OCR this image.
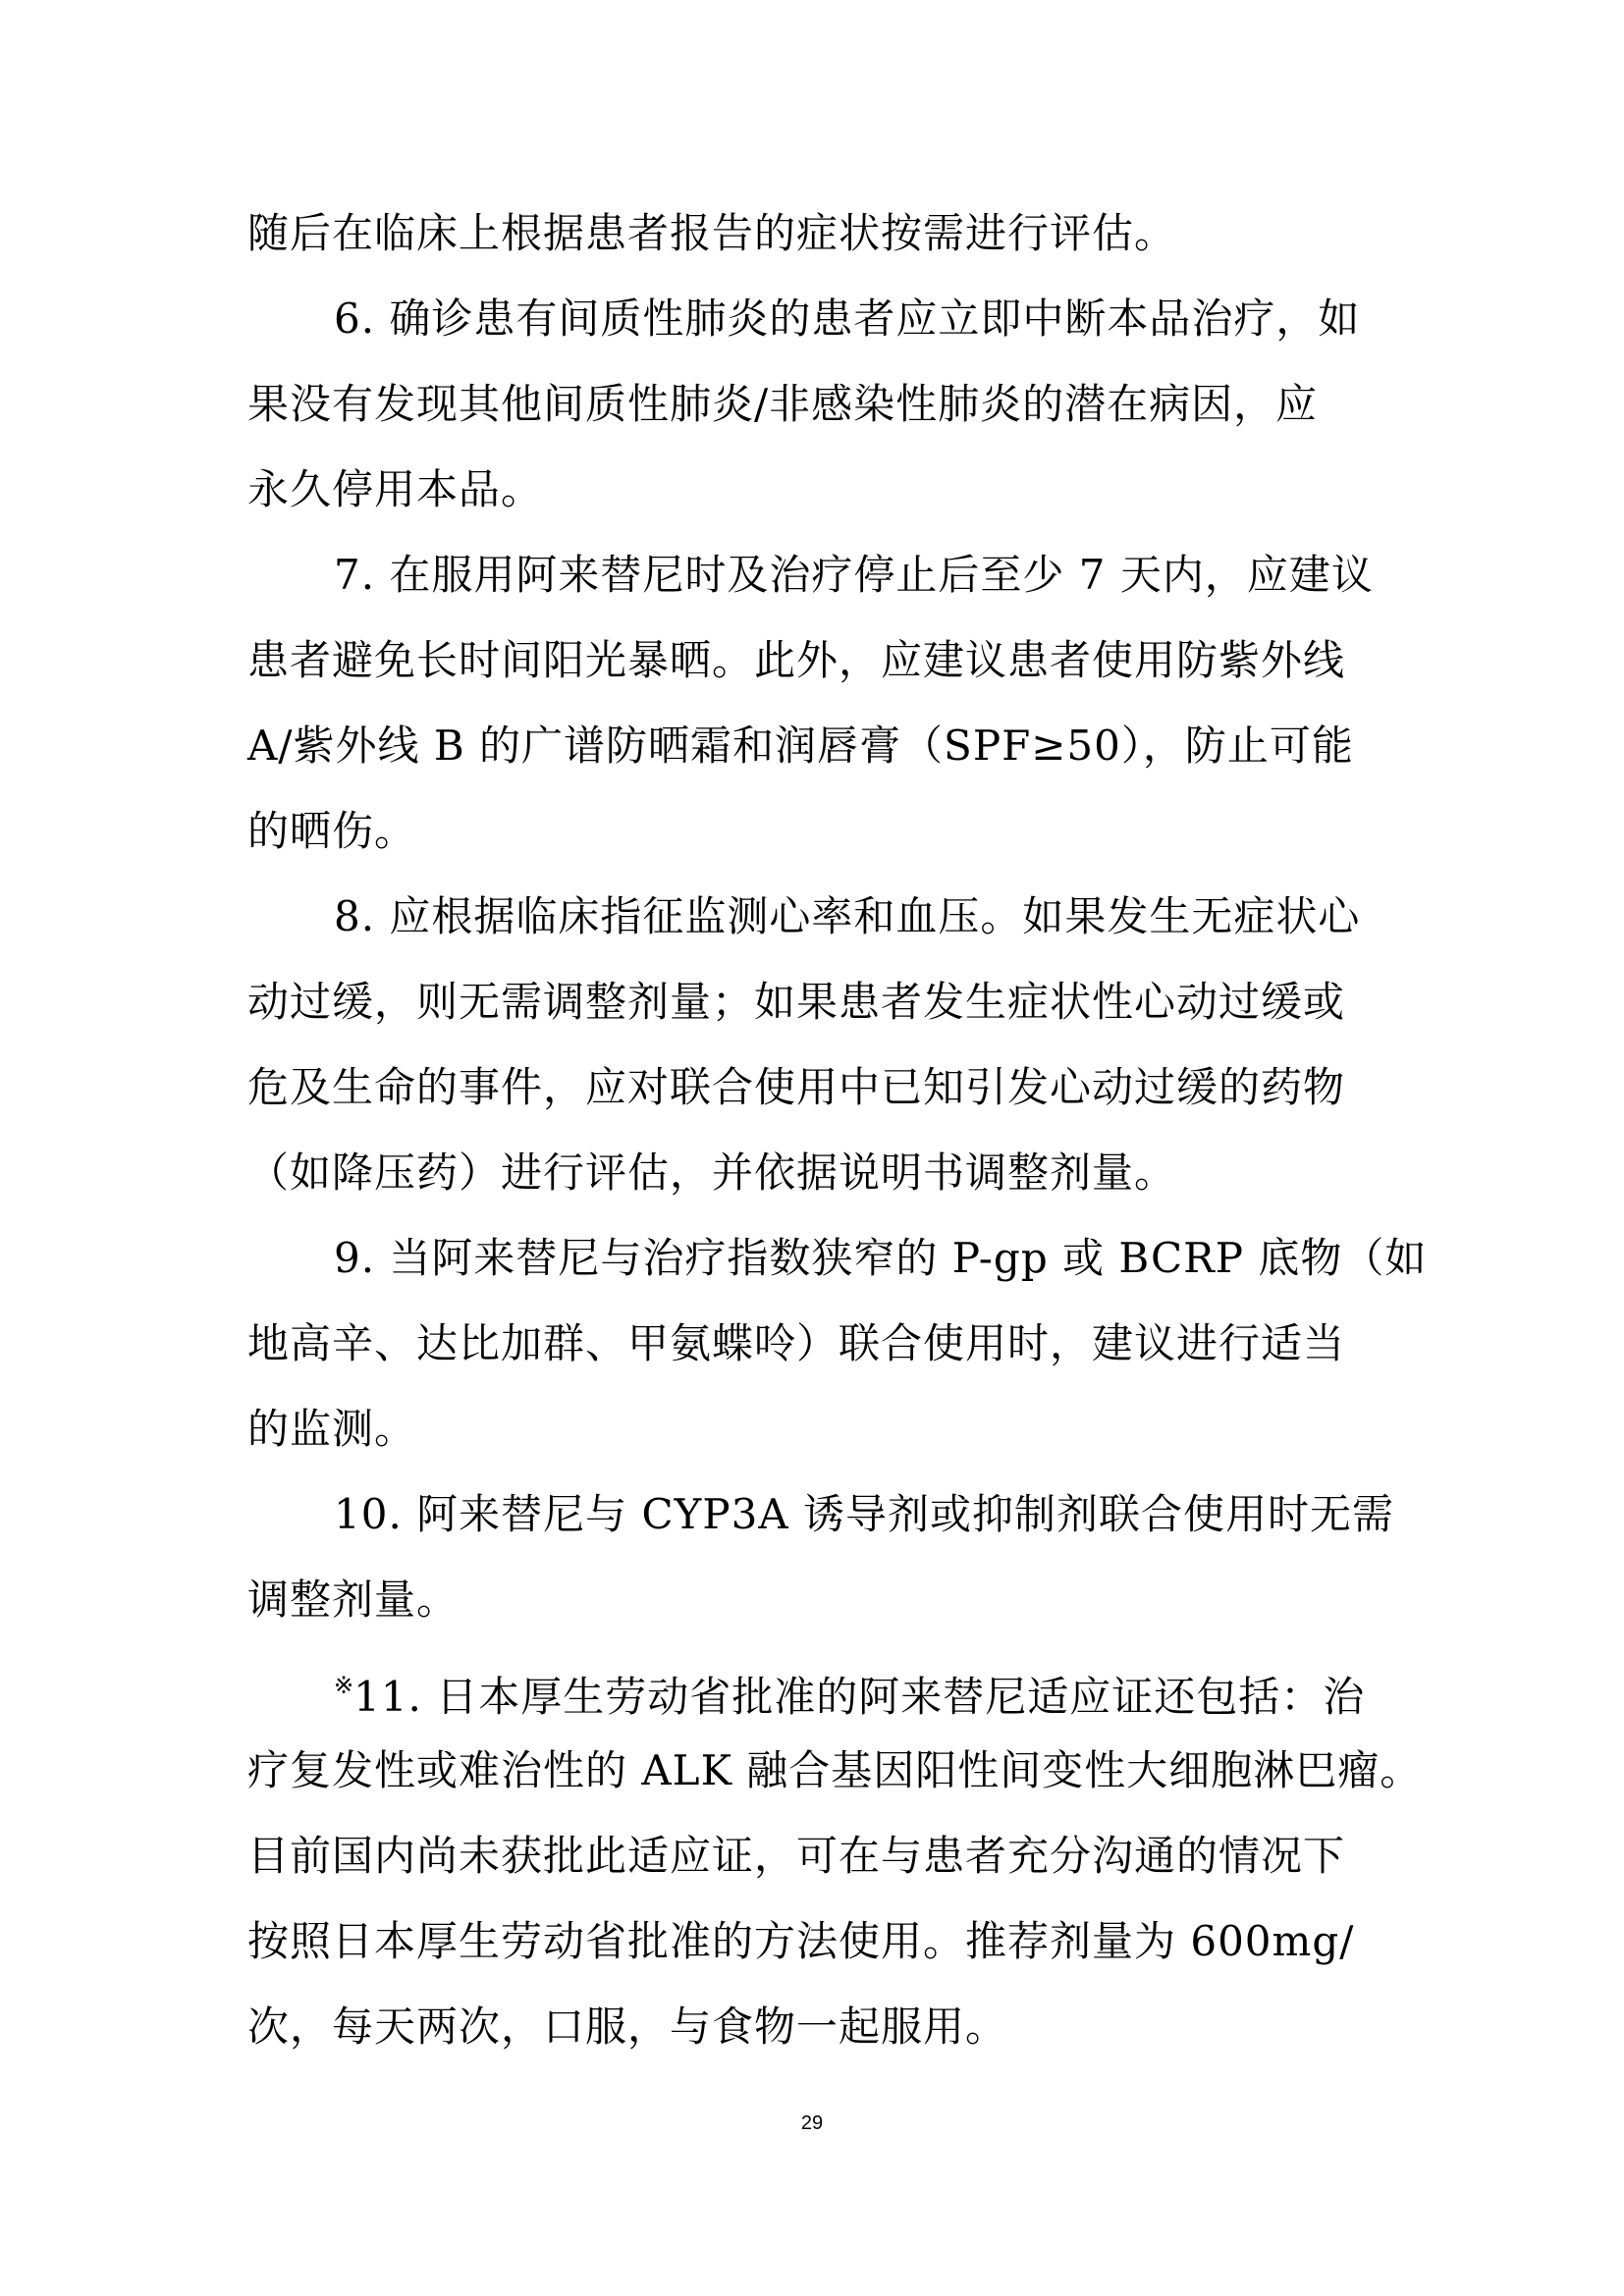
随后在临床上根据患者报告的症状按需进行评估。
6. 确诊患有间质性肺炎的患者应立即中断本品治疗，如
果没有发现其他间质性肺炎/非感染性肺炎的潜在病因，应
永久停用本品。
7. 在服用阿来替尼时及治疗停止后至少 7 天内，应建议
患者避免长时间阳光暴晒。此外，应建议患者使用防紫外线
A/紫外线 B 的广谱防晒霜和润唇膏（SPF≥50），防止可能
的晒伤。
8. 应根据临床指征监测心率和血压。如果发生无症状心
动过缓，则无需调整剂量；如果患者发生症状性心动过缓或
危及生命的事件，应对联合使用中已知引发心动过缓的药物
（如降压药）进行评估，并依据说明书调整剂量。
9. 当阿来替尼与治疗指数狭窄的 P-gp 或 BCRP 底物（如
地高辛、达比加群、甲氨蝶呤）联合使用时，建议进行适当
的监测。
10. 阿来替尼与 CYP3A 诱导剂或抑制剂联合使用时无需
调整剂量。
※11. 日本厚生劳动省批准的阿来替尼适应证还包括：治
疗复发性或难治性的 ALK 融合基因阳性间变性大细胞淋巴瘤。
目前国内尚未获批此适应证，可在与患者充分沟通的情况下
按照日本厚生劳动省批准的方法使用。推荐剂量为 600mg/
次，每天两次，口服，与食物一起服用。
29
